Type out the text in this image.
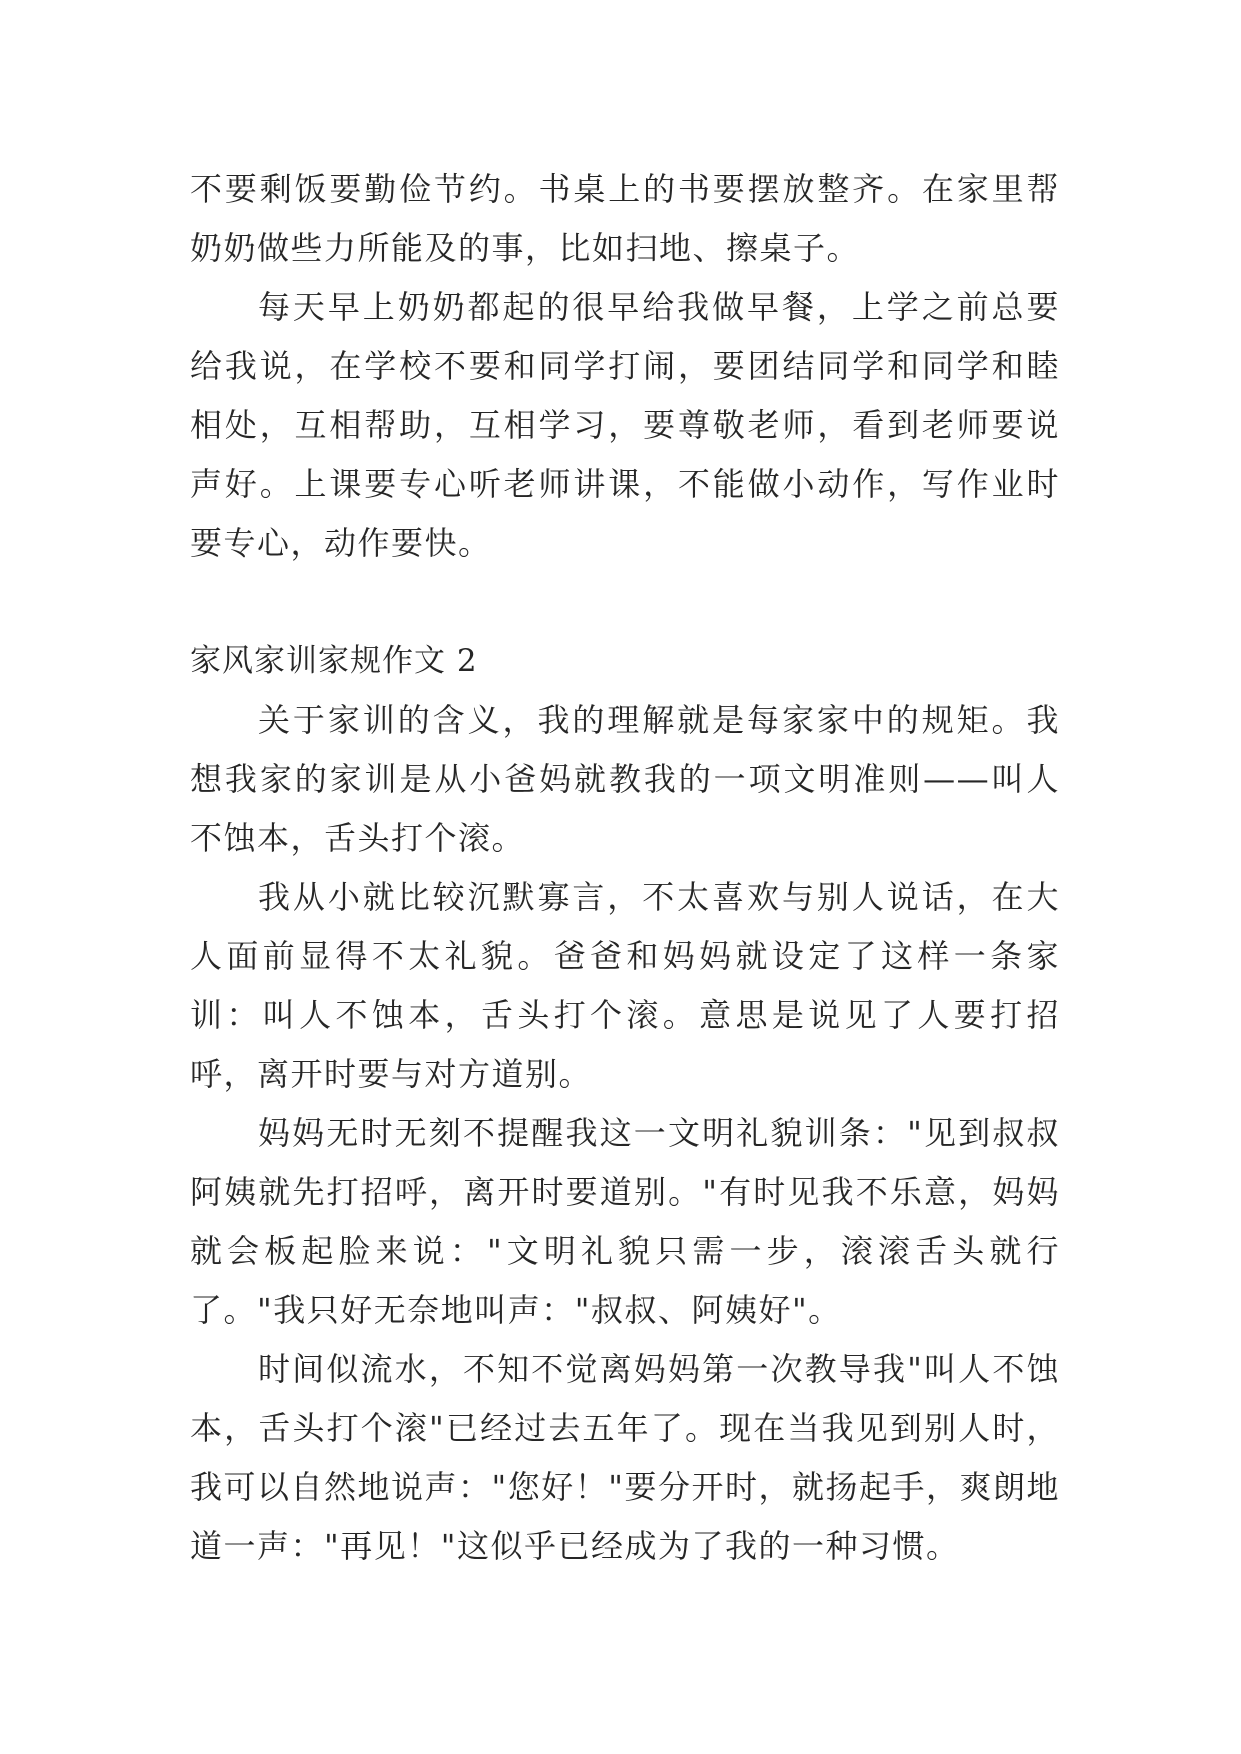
不要剩饭要勤俭节约。书桌上的书要摆放整齐。在家里帮奶奶做些力所能及的事，比如扫地、擦桌子。

每天早上奶奶都起的很早给我做早餐，上学之前总要给我说，在学校不要和同学打闹，要团结同学和同学和睦相处，互相帮助，互相学习，要尊敬老师，看到老师要说声好。上课要专心听老师讲课，不能做小动作，写作业时要专心，动作要快。

家风家训家规作文 2

关于家训的含义，我的理解就是每家家中的规矩。我想我家的家训是从小爸妈就教我的一项文明准则——叫人不蚀本，舌头打个滚。

我从小就比较沉默寡言，不太喜欢与别人说话，在大人面前显得不太礼貌。爸爸和妈妈就设定了这样一条家训：叫人不蚀本，舌头打个滚。意思是说见了人要打招呼，离开时要与对方道别。

妈妈无时无刻不提醒我这一文明礼貌训条："见到叔叔阿姨就先打招呼，离开时要道别。"有时见我不乐意，妈妈就会板起脸来说："文明礼貌只需一步，滚滚舌头就行了。"我只好无奈地叫声："叔叔、阿姨好"。

时间似流水，不知不觉离妈妈第一次教导我"叫人不蚀本，舌头打个滚"已经过去五年了。现在当我见到别人时，我可以自然地说声："您好！"要分开时，就扬起手，爽朗地道一声："再见！"这似乎已经成为了我的一种习惯。
